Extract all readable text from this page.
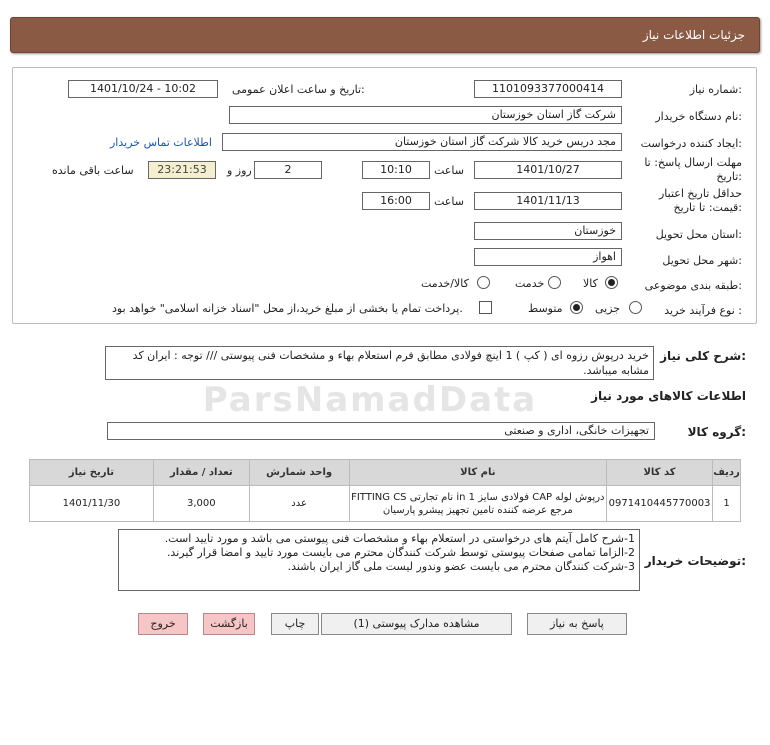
جزئیات اطلاعات نیاز
ParsNamadData
شماره نیاز:
1101093377000414
تاریخ و ساعت اعلان عمومی:
1401/10/24 - 10:02
نام دستگاه خریدار:
شرکت گاز استان خوزستان
ایجاد کننده درخواست:
مجد دریس خرید کالا شرکت گاز استان خوزستان
اطلاعات تماس خریدار
مهلت ارسال پاسخ: تا تاریخ:
1401/10/27
ساعت
10:10
2
روز و
23:21:53
ساعت باقی مانده
حداقل تاریخ اعتبار قیمت: تا تاریخ:
1401/11/13
ساعت
16:00
استان محل تحویل:
خوزستان
شهر محل تحویل:
اهواز
طبقه بندی موضوعی:
کالا
خدمت
کالا/خدمت
نوع فرآیند خرید :
جزیی
متوسط
پرداخت تمام یا بخشی از مبلغ خرید،از محل "اسناد خزانه اسلامی" خواهد بود.
شرح کلی نیاز:
خرید درپوش رزوه ای ( کپ ) 1 اینچ فولادی مطابق فرم استعلام بهاء و مشخصات فنی پیوستی /// توجه : ایران کد مشابه میباشد.
اطلاعات کالاهای مورد نیاز
گروه کالا:
تجهیزات خانگی، اداری و صنعتی
ردیف	کد کالا	نام کالا	واحد شمارش	تعداد / مقدار	تاریخ نیاز
1	0971410445770003	درپوش لوله CAP فولادی سایز 1 in نام تجارتی FITTING CS
مرجع عرضه کننده تامین تجهیز پیشرو پارسیان	عدد	3,000	1401/11/30
توضیحات خریدار:
1-شرح کامل آیتم های درخواستی در استعلام بهاء و مشخصات فنی پیوستی می باشد و مورد تایید است.
2-الزاما تمامی صفحات پیوستی توسط شرکت کنندگان محترم می بایست مورد تایید و امضا قرار گیرند.
3-شرکت کنندگان محترم می بایست عضو وندور لیست ملی گاز ایران باشند.
پاسخ به نیاز
مشاهده مدارک پیوستی (1)
چاپ
بازگشت
خروج
